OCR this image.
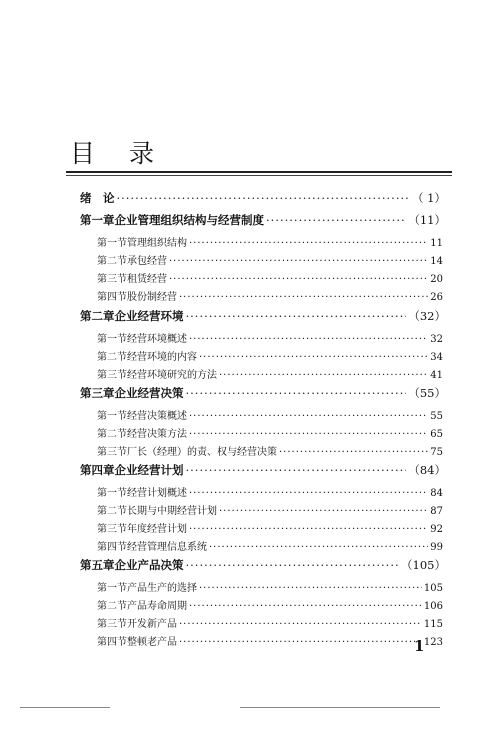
目 录
绪　论 ·····	（ 1）
第一章 企业管理组织结构与经营制度 ·····	（11）
第一节 管理组织结构 ·····	11
第二节 承包经营 ·····	14
第三节 租赁经营 ·····	20
第四节 股份制经营 ·····	26
第二章 企业经营环境 ·····	（32）
第一节 经营环境概述 ·····	32
第二节 经营环境的内容 ·····	34
第三节 经营环境研究的方法 ·····	41
第三章 企业经营决策 ·····	（55）
第一节 经营决策概述 ·····	55
第二节 经营决策方法 ·····	65
第三节 厂长（经理）的责、权与经营决策 ·····	75
第四章 企业经营计划 ·····	（84）
第一节 经营计划概述 ·····	84
第二节 长期与中期经营计划 ·····	87
第三节 年度经营计划 ·····	92
第四节 经营管理信息系统 ·····	99
第五章 企业产品决策 ·····	（105）
第一节 产品生产的选择 ·····	105
第二节 产品寿命周期 ·····	106
第三节 开发新产品 ·····	115
第四节 整顿老产品 ·····	123
1
